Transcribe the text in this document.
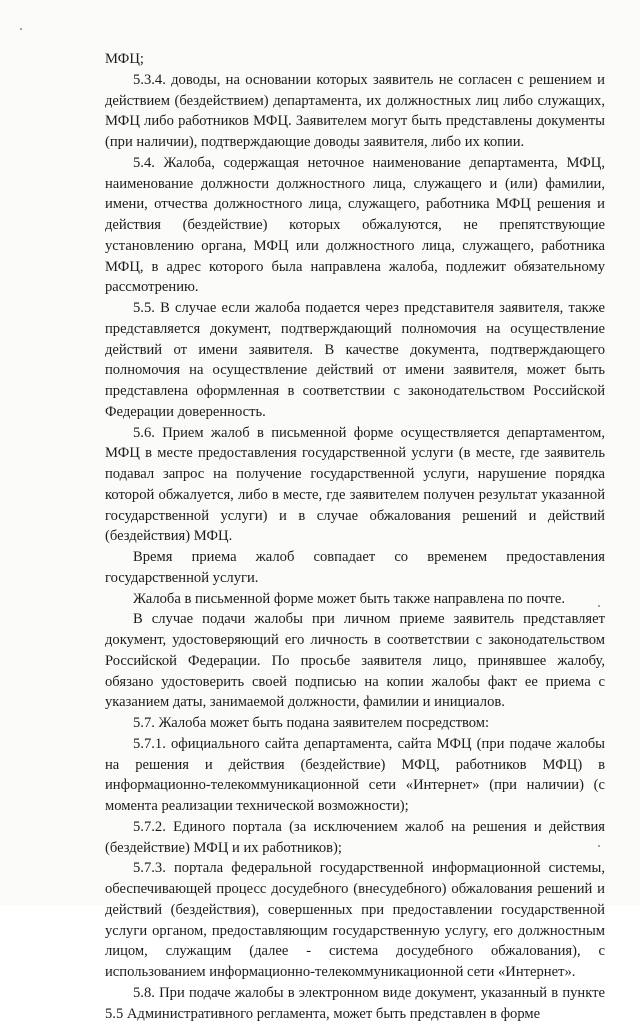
МФЦ;

5.3.4. доводы, на основании которых заявитель не согласен с решением и действием (бездействием) департамента, их должностных лиц либо служащих, МФЦ либо работников МФЦ. Заявителем могут быть представлены документы (при наличии), подтверждающие доводы заявителя, либо их копии.

5.4. Жалоба, содержащая неточное наименование департамента, МФЦ, наименование должности должностного лица, служащего и (или) фамилии, имени, отчества должностного лица, служащего, работника МФЦ решения и действия (бездействие) которых обжалуются, не препятствующие установлению органа, МФЦ или должностного лица, служащего, работника МФЦ, в адрес которого была направлена жалоба, подлежит обязательному рассмотрению.

5.5. В случае если жалоба подается через представителя заявителя, также представляется документ, подтверждающий полномочия на осуществление действий от имени заявителя. В качестве документа, подтверждающего полномочия на осуществление действий от имени заявителя, может быть представлена оформленная в соответствии с законодательством Российской Федерации доверенность.

5.6. Прием жалоб в письменной форме осуществляется департаментом, МФЦ в месте предоставления государственной услуги (в месте, где заявитель подавал запрос на получение государственной услуги, нарушение порядка которой обжалуется, либо в месте, где заявителем получен результат указанной государственной услуги) и в случае обжалования решений и действий (бездействия) МФЦ.

Время приема жалоб совпадает со временем предоставления государственной услуги.

Жалоба в письменной форме может быть также направлена по почте.

В случае подачи жалобы при личном приеме заявитель представляет документ, удостоверяющий его личность в соответствии с законодательством Российской Федерации. По просьбе заявителя лицо, принявшее жалобу, обязано удостоверить своей подписью на копии жалобы факт ее приема с указанием даты, занимаемой должности, фамилии и инициалов.

5.7. Жалоба может быть подана заявителем посредством:

5.7.1. официального сайта департамента, сайта МФЦ (при подаче жалобы на решения и действия (бездействие) МФЦ, работников МФЦ) в информационно-телекоммуникационной сети «Интернет» (при наличии) (с момента реализации технической возможности);

5.7.2. Единого портала (за исключением жалоб на решения и действия (бездействие) МФЦ и их работников);

5.7.3. портала федеральной государственной информационной системы, обеспечивающей процесс досудебного (внесудебного) обжалования решений и действий (бездействия), совершенных при предоставлении государственной услуги органом, предоставляющим государственную услугу, его должностным лицом, служащим (далее - система досудебного обжалования), с использованием информационно-телекоммуникационной сети «Интернет».

5.8. При подаче жалобы в электронном виде документ, указанный в пункте 5.5 Административного регламента, может быть представлен в форме
